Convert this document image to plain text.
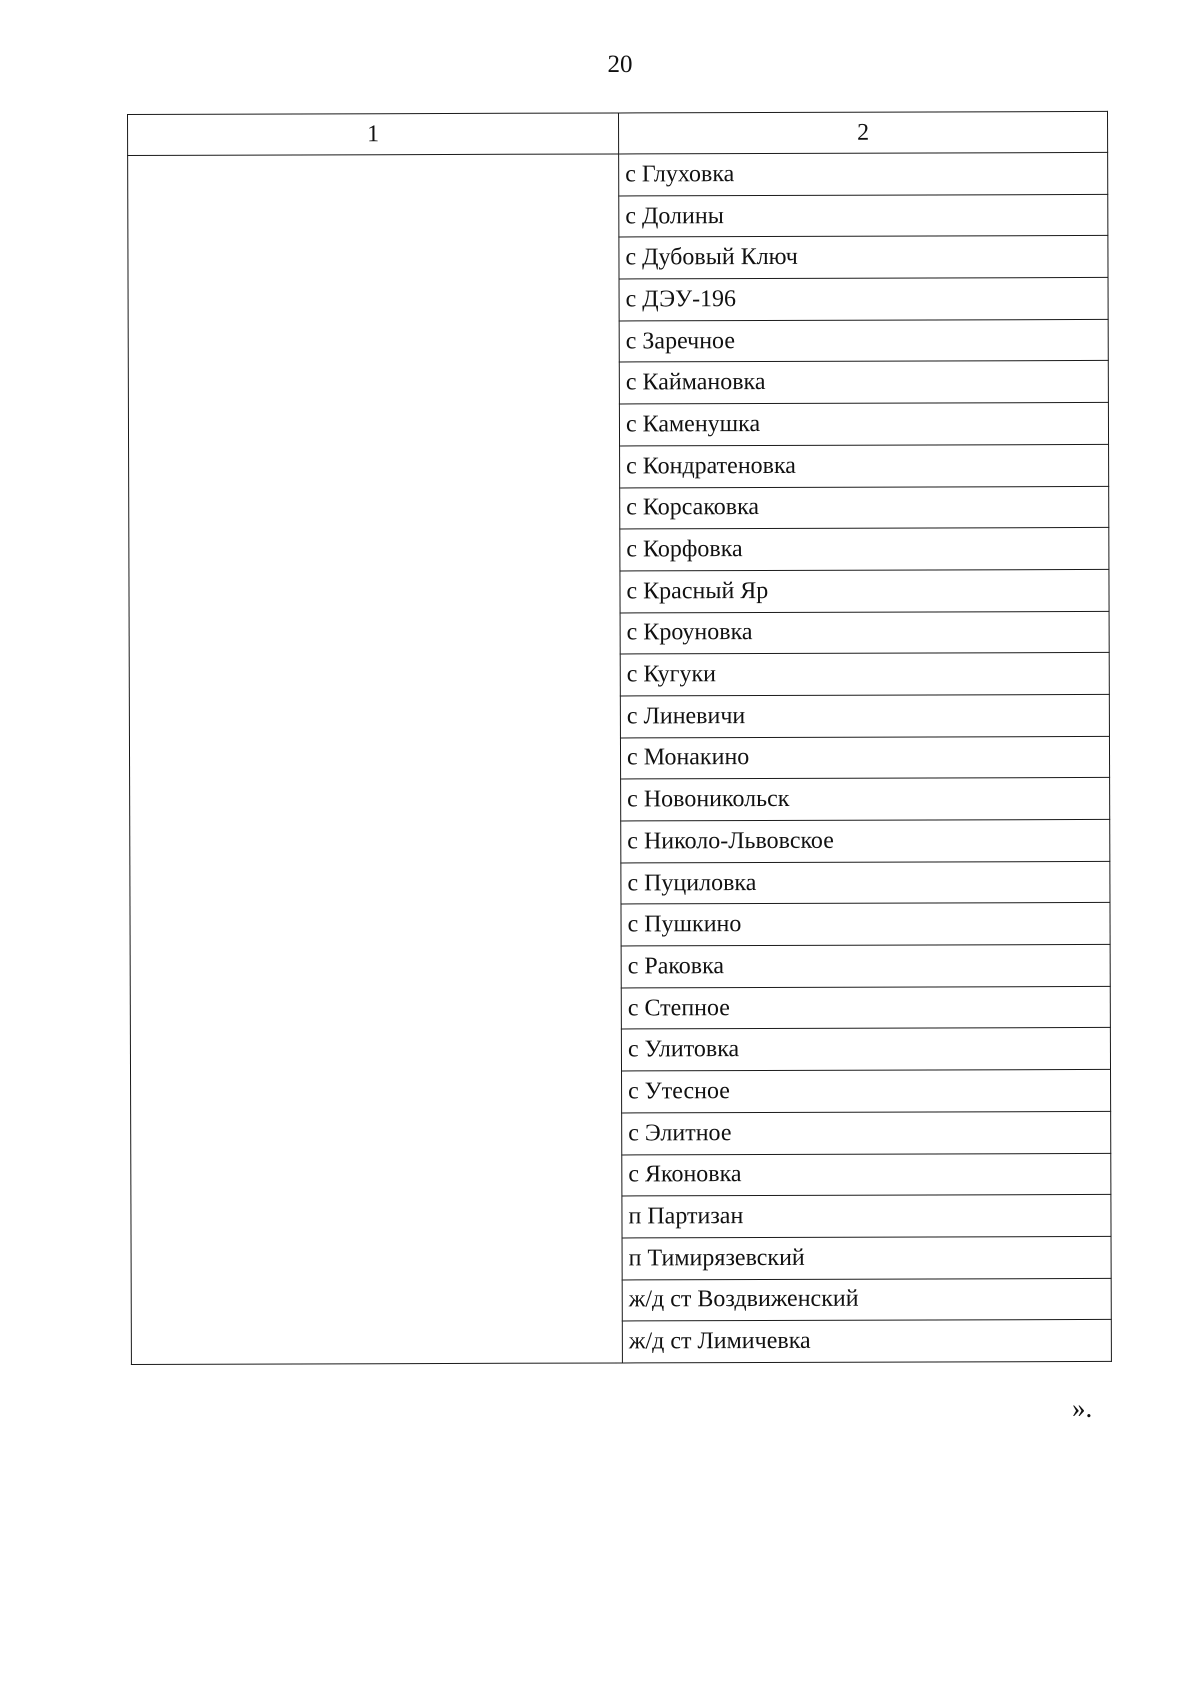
20
1	2
	с Глуховка
	с Долины
	с Дубовый Ключ
	с ДЭУ-196
	с Заречное
	с Каймановка
	с Каменушка
	с Кондратеновка
	с Корсаковка
	с Корфовка
	с Красный Яр
	с Кроуновка
	с Кугуки
	с Линевичи
	с Монакино
	с Новоникольск
	с Николо-Львовское
	с Пуциловка
	с Пушкино
	с Раковка
	с Степное
	с Улитовка
	с Утесное
	с Элитное
	с Яконовка
	п Партизан
	п Тимирязевский
	ж/д ст Воздвиженский
	ж/д ст Лимичевка
».
